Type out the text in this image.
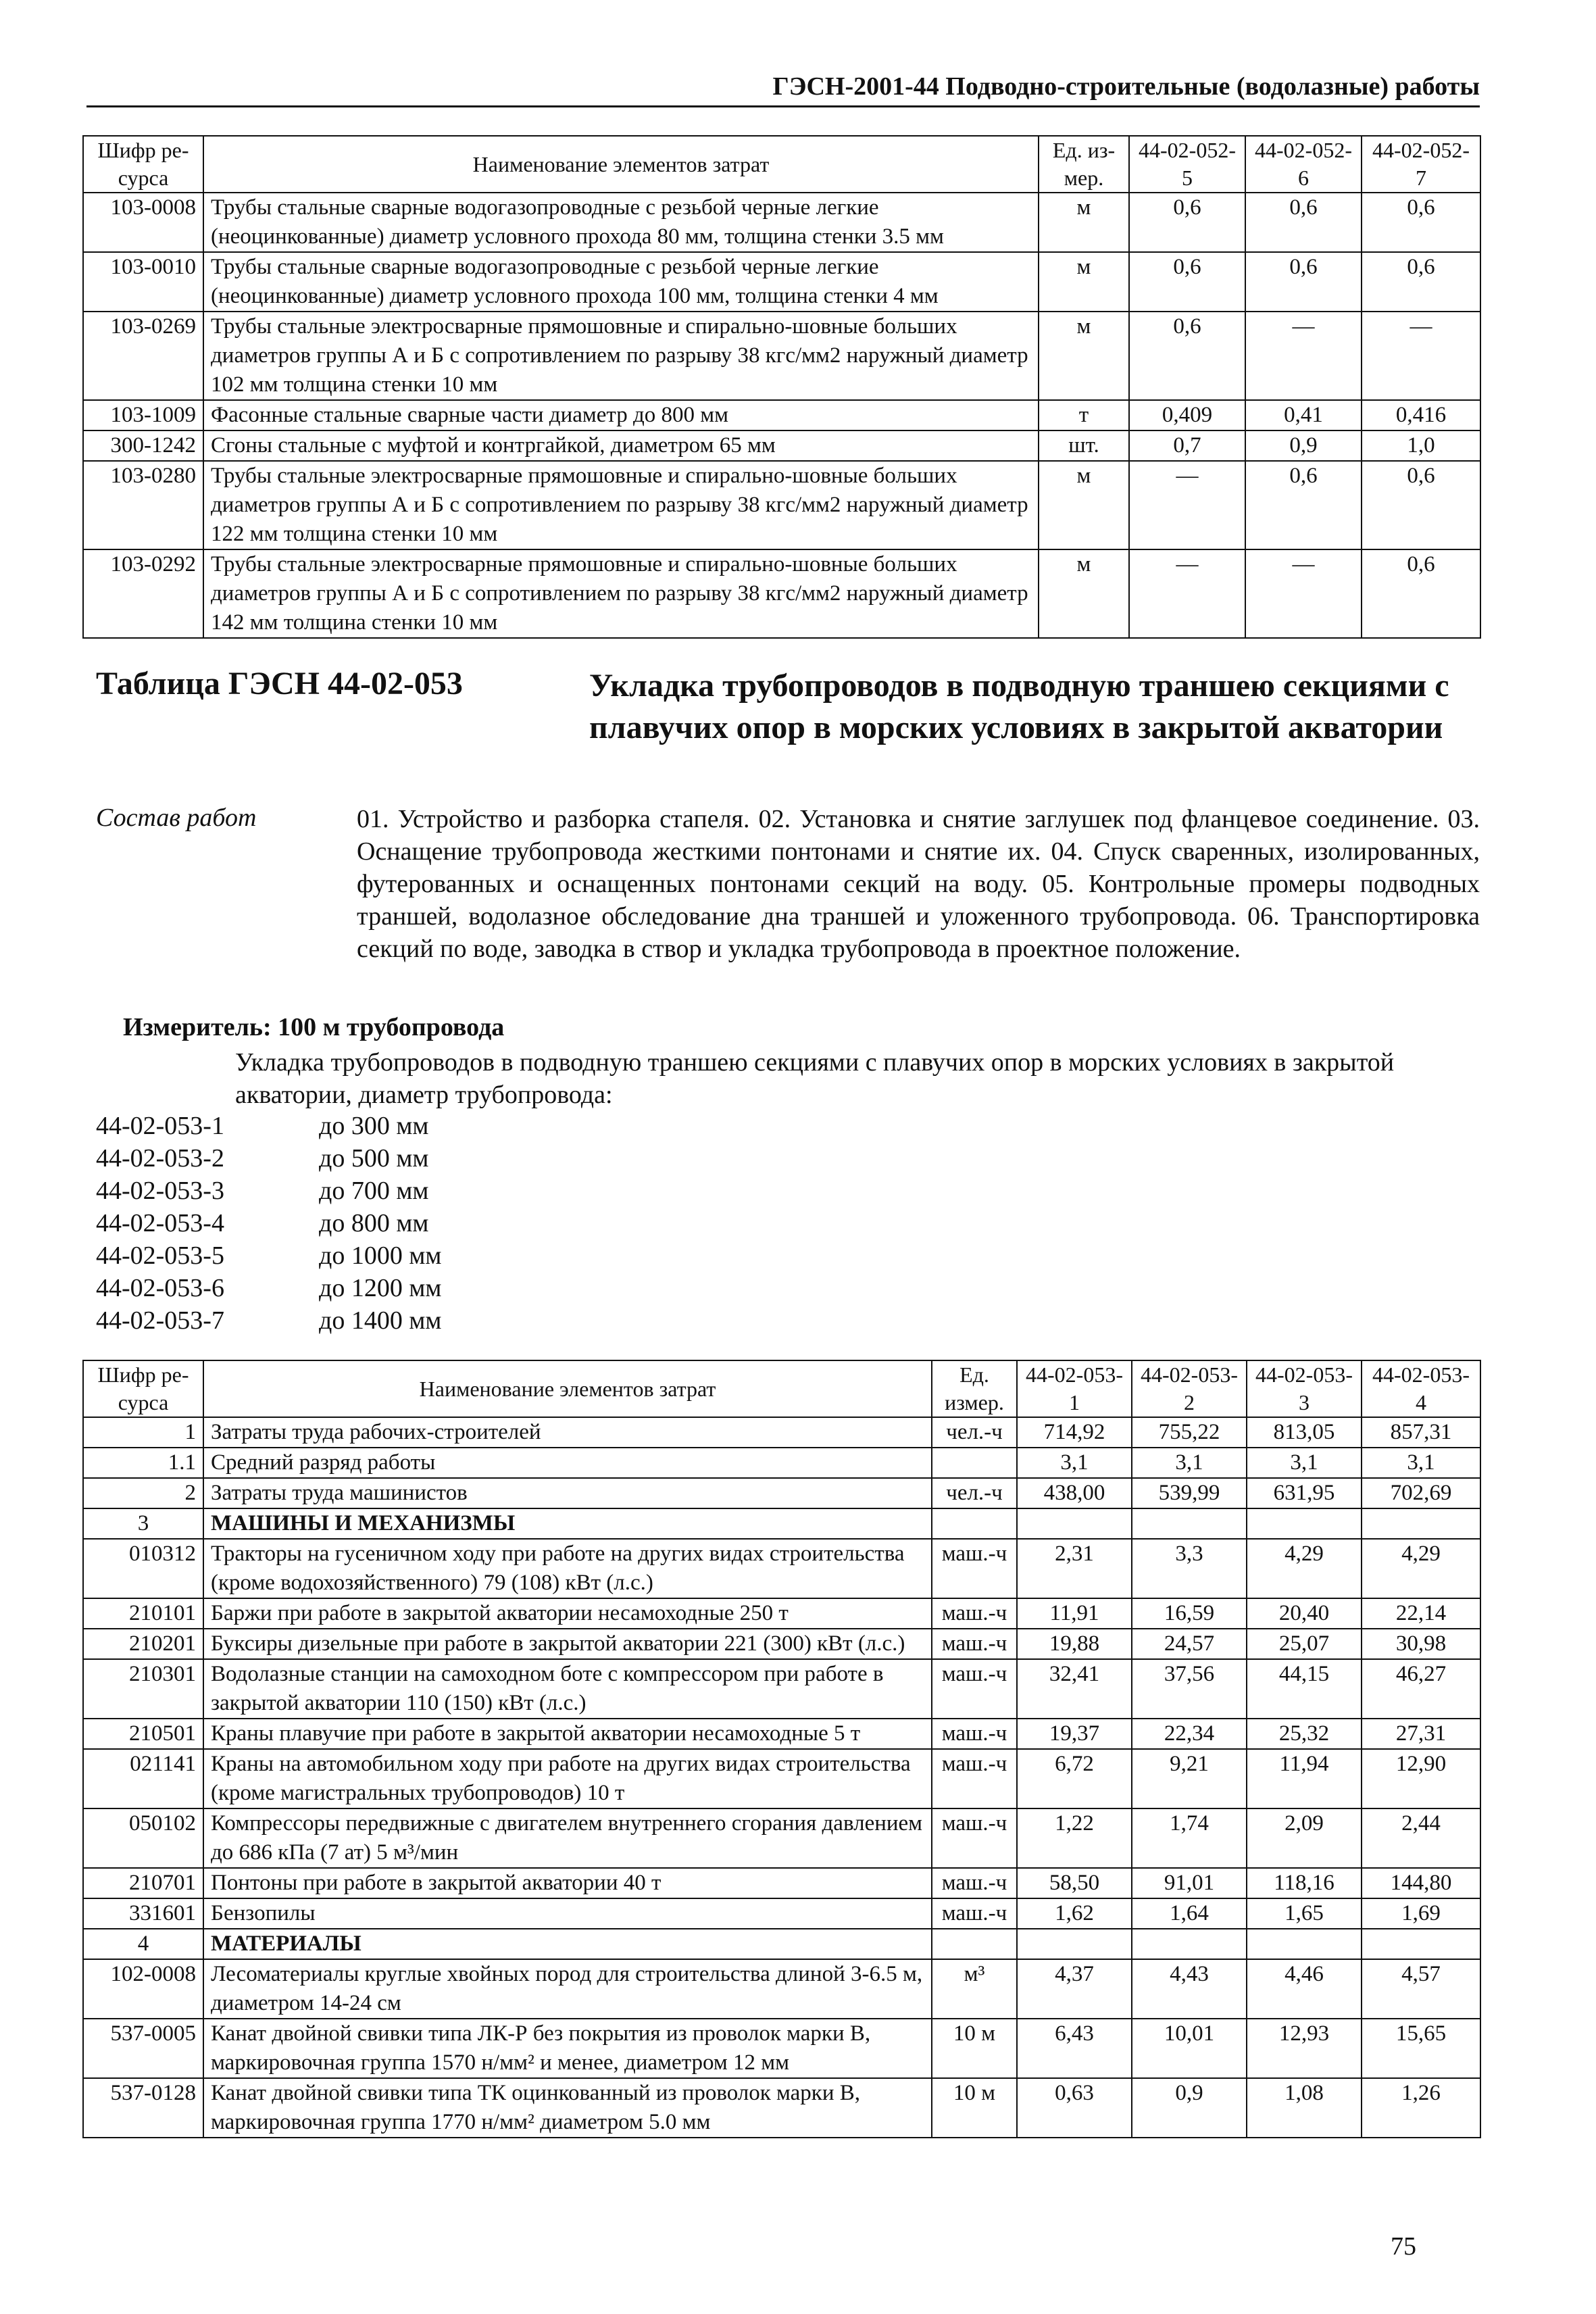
ГЭСН-2001-44 Подводно-строительные (водолазные) работы
Шифр ре-сурса	Наименование элементов затрат	Ед. из-мер.	44-02-052-5	44-02-052-6	44-02-052-7
103-0008	Трубы стальные сварные водогазопроводные с резьбой черные легкие (неоцинкованные) диаметр условного прохода 80 мм, толщина стенки 3.5 мм	м	0,6	0,6	0,6
103-0010	Трубы стальные сварные водогазопроводные с резьбой черные легкие (неоцинкованные) диаметр условного прохода 100 мм, толщина стенки 4 мм	м	0,6	0,6	0,6
103-0269	Трубы стальные электросварные прямошовные и спирально-шовные больших диаметров группы А и Б с сопротивлением по разрыву 38 кгс/мм2 наружный диаметр 102 мм толщина стенки 10 мм	м	0,6	—	—
103-1009	Фасонные стальные сварные части диаметр до 800 мм	т	0,409	0,41	0,416
300-1242	Сгоны стальные с муфтой и контргайкой, диаметром 65 мм	шт.	0,7	0,9	1,0
103-0280	Трубы стальные электросварные прямошовные и спирально-шовные больших диаметров группы А и Б с сопротивлением по разрыву 38 кгс/мм2 наружный диаметр 122 мм толщина стенки 10 мм	м	—	0,6	0,6
103-0292	Трубы стальные электросварные прямошовные и спирально-шовные больших диаметров группы А и Б с сопротивлением по разрыву 38 кгс/мм2 наружный диаметр 142 мм толщина стенки 10 мм	м	—	—	0,6
Таблица ГЭСН 44-02-053	Укладка трубопроводов в подводную траншею секциями с плавучих опор в морских условиях в закрытой акватории
Состав работ	01. Устройство и разборка стапеля. 02. Установка и снятие заглушек под фланцевое соединение. 03. Оснащение трубопровода жесткими понтонами и снятие их. 04. Спуск сваренных, изолированных, футерованных и оснащенных понтонами секций на воду. 05. Контрольные промеры подводных траншей, водолазное обследование дна траншей и уложенного трубопровода. 06. Транспортировка секций по воде, заводка в створ и укладка трубопровода в проектное положение.
Измеритель: 100 м трубопровода
Укладка трубопроводов в подводную траншею секциями с плавучих опор в морских условиях в закрытой акватории, диаметр трубопровода:
44-02-053-1	до 300 мм
44-02-053-2	до 500 мм
44-02-053-3	до 700 мм
44-02-053-4	до 800 мм
44-02-053-5	до 1000 мм
44-02-053-6	до 1200 мм
44-02-053-7	до 1400 мм
Шифр ре-сурса	Наименование элементов затрат	Ед. измер.	44-02-053-1	44-02-053-2	44-02-053-3	44-02-053-4
1	Затраты труда рабочих-строителей	чел.-ч	714,92	755,22	813,05	857,31
1.1	Средний разряд работы		3,1	3,1	3,1	3,1
2	Затраты труда машинистов	чел.-ч	438,00	539,99	631,95	702,69
3	МАШИНЫ И МЕХАНИЗМЫ					
010312	Тракторы на гусеничном ходу при работе на других видах строительства (кроме водохозяйственного) 79 (108) кВт (л.с.)	маш.-ч	2,31	3,3	4,29	4,29
210101	Баржи при работе в закрытой акватории несамоходные 250 т	маш.-ч	11,91	16,59	20,40	22,14
210201	Буксиры дизельные при работе в закрытой акватории 221 (300) кВт (л.с.)	маш.-ч	19,88	24,57	25,07	30,98
210301	Водолазные станции на самоходном боте с компрессором при работе в закрытой акватории 110 (150) кВт (л.с.)	маш.-ч	32,41	37,56	44,15	46,27
210501	Краны плавучие при работе в закрытой акватории несамоходные 5 т	маш.-ч	19,37	22,34	25,32	27,31
021141	Краны на автомобильном ходу при работе на других видах строительства (кроме магистральных трубопроводов) 10 т	маш.-ч	6,72	9,21	11,94	12,90
050102	Компрессоры передвижные с двигателем внутреннего сгорания давлением до 686 кПа (7 ат) 5 м³/мин	маш.-ч	1,22	1,74	2,09	2,44
210701	Понтоны при работе в закрытой акватории 40 т	маш.-ч	58,50	91,01	118,16	144,80
331601	Бензопилы	маш.-ч	1,62	1,64	1,65	1,69
4	МАТЕРИАЛЫ					
102-0008	Лесоматериалы круглые хвойных пород для строительства длиной 3-6.5 м, диаметром 14-24 см	м³	4,37	4,43	4,46	4,57
537-0005	Канат двойной свивки типа ЛК-Р без покрытия из проволок марки В, маркировочная группа 1570 н/мм² и менее, диаметром 12 мм	10 м	6,43	10,01	12,93	15,65
537-0128	Канат двойной свивки типа ТК оцинкованный из проволок марки В, маркировочная группа 1770 н/мм² диаметром 5.0 мм	10 м	0,63	0,9	1,08	1,26
75
